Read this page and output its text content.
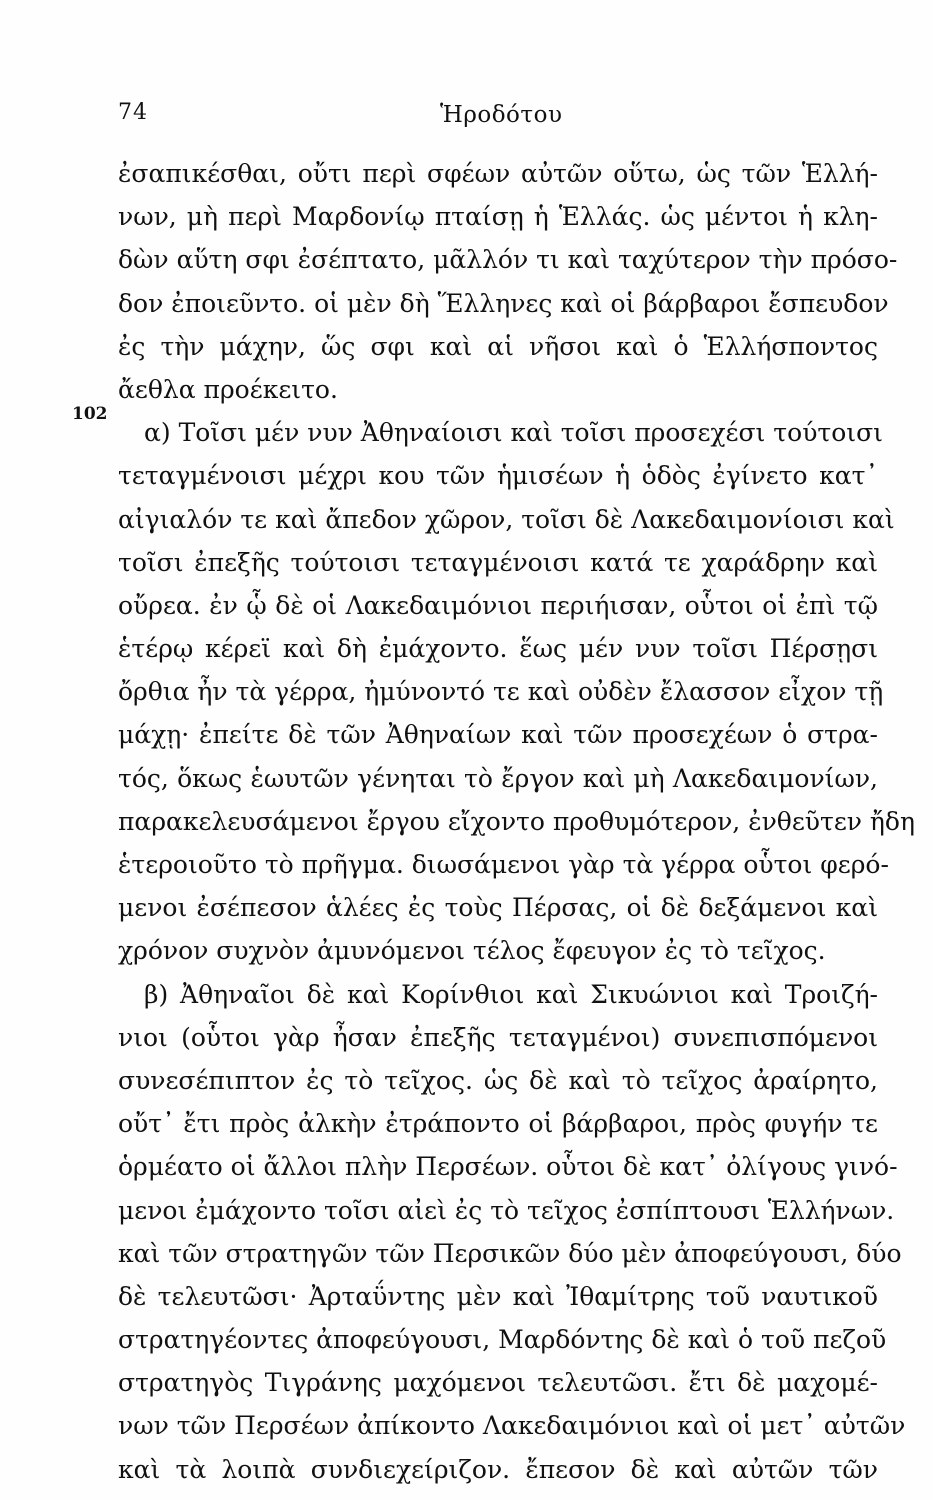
74	Ἡροδότου
102
ἐσαπικέσθαι, οὔτι περὶ σφέων αὐτῶν οὕτω, ὡς τῶν Ἑλλή-
νων, μὴ περὶ Μαρδονίῳ πταίσῃ ἡ Ἑλλάς. ὡς μέντοι ἡ κλη-
δὼν αὕτη σφι ἐσέπτατο, μᾶλλόν τι καὶ ταχύτερον τὴν πρόσο-
δον ἐποιεῦντο. οἱ μὲν δὴ Ἕλληνες καὶ οἱ βάρβαροι ἔσπευδον
ἐς τὴν μάχην, ὥς σφι καὶ αἱ νῆσοι καὶ ὁ Ἑλλήσποντος
ἄεθλα προέκειτο.
α) Τοῖσι μέν νυν Ἀθηναίοισι καὶ τοῖσι προσεχέσι τούτοισι
τεταγμένοισι μέχρι κου τῶν ἡμισέων ἡ ὁδὸς ἐγίνετο κατ᾽
αἰγιαλόν τε καὶ ἄπεδον χῶρον, τοῖσι δὲ Λακεδαιμονίοισι καὶ
τοῖσι ἐπεξῆς τούτοισι τεταγμένοισι κατά τε χαράδρην καὶ
οὔρεα. ἐν ᾧ δὲ οἱ Λακεδαιμόνιοι περιήισαν, οὗτοι οἱ ἐπὶ τῷ
ἑτέρῳ κέρεϊ καὶ δὴ ἐμάχοντο. ἕως μέν νυν τοῖσι Πέρσῃσι
ὄρθια ἦν τὰ γέρρα, ἠμύνοντό τε καὶ οὐδὲν ἔλασσον εἶχον τῇ
μάχῃ· ἐπείτε δὲ τῶν Ἀθηναίων καὶ τῶν προσεχέων ὁ στρα-
τός, ὅκως ἑωυτῶν γένηται τὸ ἔργον καὶ μὴ Λακεδαιμονίων,
παρακελευσάμενοι ἔργου εἴχοντο προθυμότερον, ἐνθεῦτεν ἤδη
ἑτεροιοῦτο τὸ πρῆγμα. διωσάμενοι γὰρ τὰ γέρρα οὗτοι φερό-
μενοι ἐσέπεσον ἁλέες ἐς τοὺς Πέρσας, οἱ δὲ δεξάμενοι καὶ
χρόνον συχνὸν ἀμυνόμενοι τέλος ἔφευγον ἐς τὸ τεῖχος.
β) Ἀθηναῖοι δὲ καὶ Κορίνθιοι καὶ Σικυώνιοι καὶ Τροιζή-
νιοι (οὗτοι γὰρ ἦσαν ἐπεξῆς τεταγμένοι) συνεπισπόμενοι
συνεσέπιπτον ἐς τὸ τεῖχος. ὡς δὲ καὶ τὸ τεῖχος ἀραίρητο,
οὔτ᾽ ἔτι πρὸς ἀλκὴν ἐτράποντο οἱ βάρβαροι, πρὸς φυγήν τε
ὁρμέατο οἱ ἄλλοι πλὴν Περσέων. οὗτοι δὲ κατ᾽ ὀλίγους γινό-
μενοι ἐμάχοντο τοῖσι αἰεὶ ἐς τὸ τεῖχος ἐσπίπτουσι Ἑλλήνων.
καὶ τῶν στρατηγῶν τῶν Περσικῶν δύο μὲν ἀποφεύγουσι, δύο
δὲ τελευτῶσι· Ἀρταΰντης μὲν καὶ Ἰθαμίτρης τοῦ ναυτικοῦ
στρατηγέοντες ἀποφεύγουσι, Μαρδόντης δὲ καὶ ὁ τοῦ πεζοῦ
στρατηγὸς Τιγράνης μαχόμενοι τελευτῶσι. ἔτι δὲ μαχομέ-
νων τῶν Περσέων ἀπίκοντο Λακεδαιμόνιοι καὶ οἱ μετ᾽ αὐτῶν
καὶ τὰ λοιπὰ συνδιεχείριζον. ἔπεσον δὲ καὶ αὐτῶν τῶν
